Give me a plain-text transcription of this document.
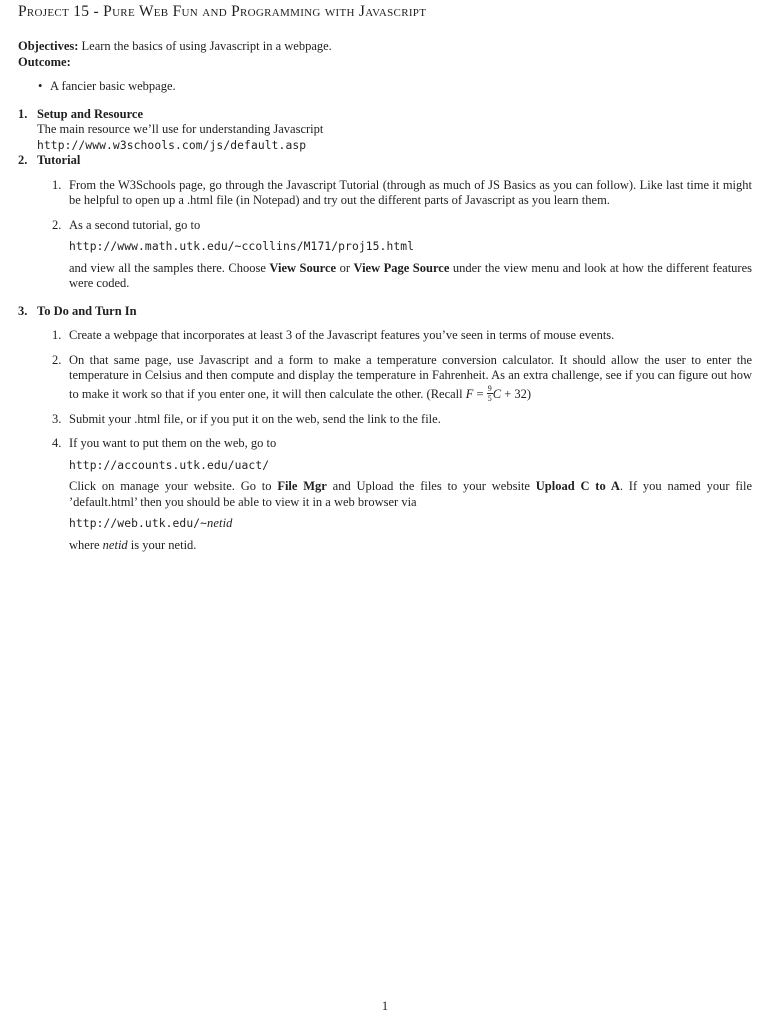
Project 15 - Pure Web Fun and Programming with Javascript

Objectives: Learn the basics of using Javascript in a webpage.

Outcome:

• A fancier basic webpage.
1. Setup and Resource

The main resource we’ll use for understanding Javascript

http://www.w3schools.com/js/default.asp

2. Tutorial
1. From the W3Schools page, go through the Javascript Tutorial (through as much of JS Basics as you can follow). Like last time it might be helpful to open up a .html file (in Notepad) and try out the different parts of Javascript as you learn them.

2. As a second tutorial, go to

http://www.math.utk.edu/~ccollins/M171/proj15.html

and view all the samples there. Choose View Source or View Page Source under the view menu and look at how the different features were coded.

3. To Do and Turn In
1. Create a webpage that incorporates at least 3 of the Javascript features you’ve seen in terms of mouse events.

2. On that same page, use Javascript and a form to make a temperature conversion calculator. It should allow the user to enter the temperature in Celsius and then compute and display the temperature in Fahrenheit. As an extra challenge, see if you can figure out how to make it work so that if you enter one, it will then calculate the other. (Recall $F = \frac{9}{5}$ C + 32)

3. Submit your .html file, or if you put it on the web, send the link to the file.

4. If you want to put them on the web, go to

http://accounts.utk.edu/uact/

Click on manage your website. Go to File Mgr and Upload the files to your website Upload C to A. If you named your file ’default.html’ then you should be able to view it in a web browser via

http://web.utk.edu/~netid

where netid is your netid.

1
